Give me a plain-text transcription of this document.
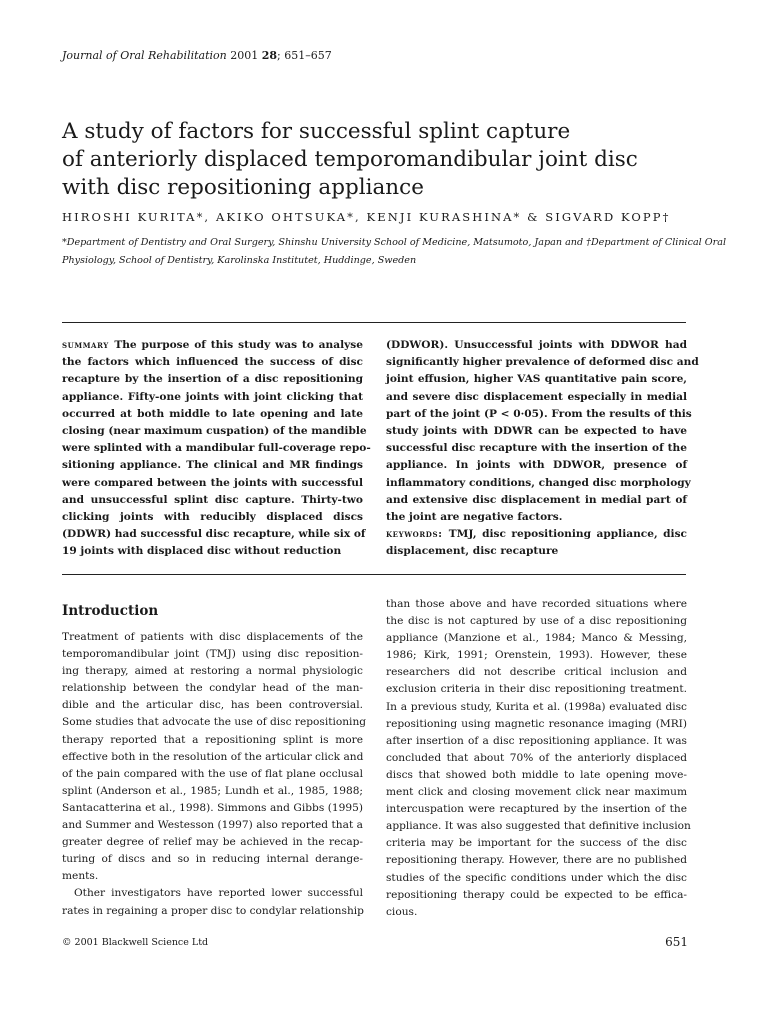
Journal of Oral Rehabilitation 2001 28; 651–657
A study of factors for successful splint capture
of anteriorly displaced temporomandibular joint disc
with disc repositioning appliance
HIROSHI KURITA*, AKIKO OHTSUKA*, KENJI KURASHINA* & SIGVARD KOPP†
*Department of Dentistry and Oral Surgery, Shinshu University School of Medicine, Matsumoto, Japan and †Department of Clinical Oral
Physiology, School of Dentistry, Karolinska Institutet, Huddinge, Sweden
summary The purpose of this study was to analyse
the factors which influenced the success of disc
recapture by the insertion of a disc repositioning
appliance. Fifty-one joints with joint clicking that
occurred at both middle to late opening and late
closing (near maximum cuspation) of the mandible
were splinted with a mandibular full-coverage repo-
sitioning appliance. The clinical and MR findings
were compared between the joints with successful
and unsuccessful splint disc capture. Thirty-two
clicking joints with reducibly displaced discs
(DDWR) had successful disc recapture, while six of
19 joints with displaced disc without reduction
(DDWOR). Unsuccessful joints with DDWOR had
significantly higher prevalence of deformed disc and
joint effusion, higher VAS quantitative pain score,
and severe disc displacement especially in medial
part of the joint (P < 0·05). From the results of this
study joints with DDWR can be expected to have
successful disc recapture with the insertion of the
appliance. In joints with DDWOR, presence of
inflammatory conditions, changed disc morphology
and extensive disc displacement in medial part of
the joint are negative factors.
keywords: TMJ, disc repositioning appliance, disc
displacement, disc recapture
Introduction
Treatment of patients with disc displacements of the
temporomandibular joint (TMJ) using disc reposition-
ing therapy, aimed at restoring a normal physiologic
relationship between the condylar head of the man-
dible and the articular disc, has been controversial.
Some studies that advocate the use of disc repositioning
therapy reported that a repositioning splint is more
effective both in the resolution of the articular click and
of the pain compared with the use of flat plane occlusal
splint (Anderson et al., 1985; Lundh et al., 1985, 1988;
Santacatterina et al., 1998). Simmons and Gibbs (1995)
and Summer and Westesson (1997) also reported that a
greater degree of relief may be achieved in the recap-
turing of discs and so in reducing internal derange-
ments.
Other investigators have reported lower successful
rates in regaining a proper disc to condylar relationship
than those above and have recorded situations where
the disc is not captured by use of a disc repositioning
appliance (Manzione et al., 1984; Manco & Messing,
1986; Kirk, 1991; Orenstein, 1993). However, these
researchers did not describe critical inclusion and
exclusion criteria in their disc repositioning treatment.
In a previous study, Kurita et al. (1998a) evaluated disc
repositioning using magnetic resonance imaging (MRI)
after insertion of a disc repositioning appliance. It was
concluded that about 70% of the anteriorly displaced
discs that showed both middle to late opening move-
ment click and closing movement click near maximum
intercuspation were recaptured by the insertion of the
appliance. It was also suggested that definitive inclusion
criteria may be important for the success of the disc
repositioning therapy. However, there are no published
studies of the specific conditions under which the disc
repositioning therapy could be expected to be effica-
cious.
© 2001 Blackwell Science Ltd	651
